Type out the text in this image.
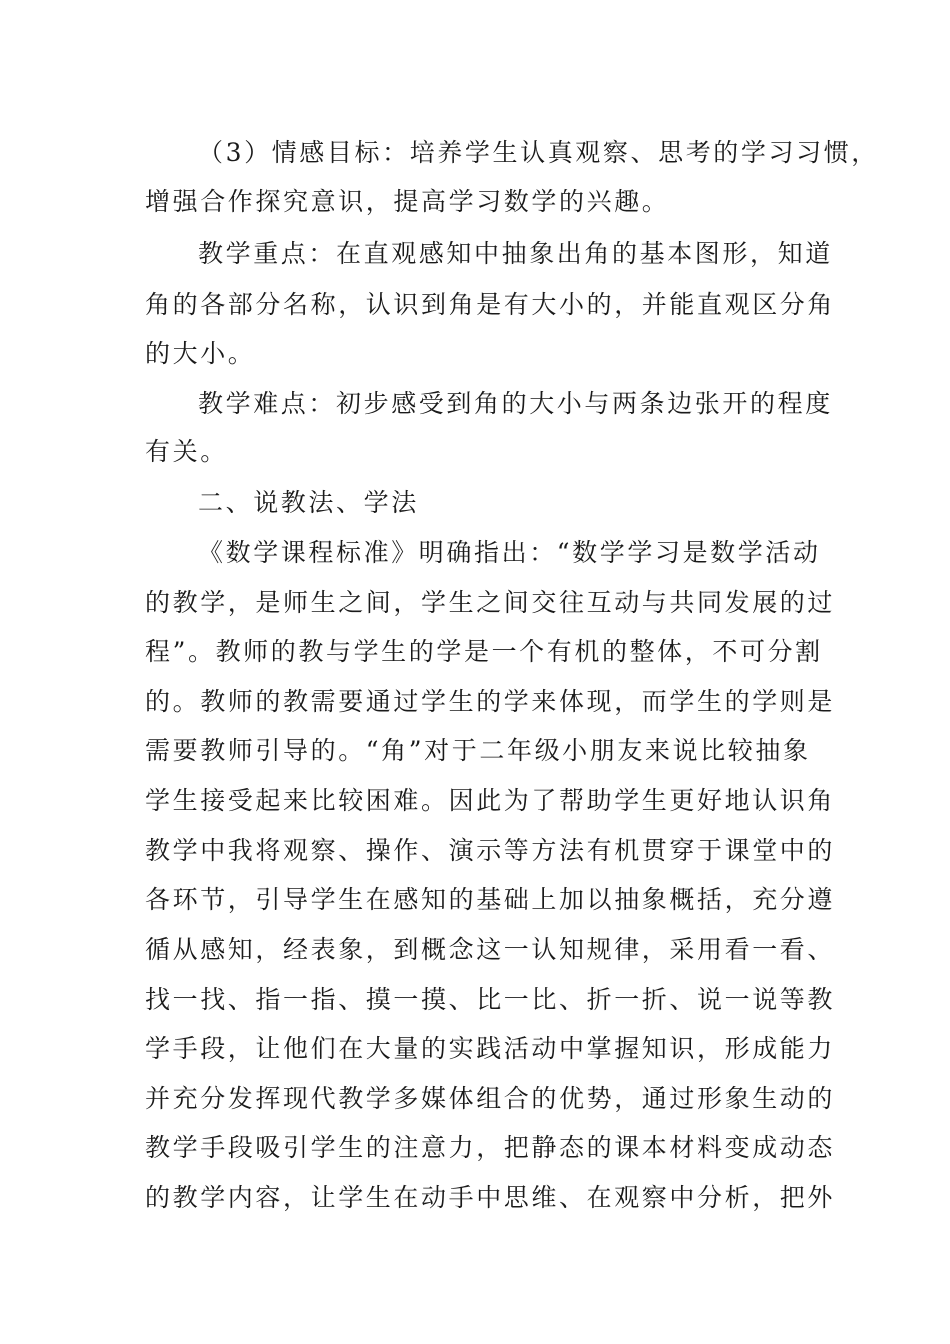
（3）情感目标：培养学生认真观察、思考的学习习惯，
增强合作探究意识，提高学习数学的兴趣。
教学重点：在直观感知中抽象出角的基本图形，知道
角的各部分名称，认识到角是有大小的，并能直观区分角
的大小。
教学难点：初步感受到角的大小与两条边张开的程度
有关。
二、说教法、学法
《数学课程标准》明确指出：“数学学习是数学活动
的教学，是师生之间，学生之间交往互动与共同发展的过
程”。教师的教与学生的学是一个有机的整体，不可分割
的。教师的教需要通过学生的学来体现，而学生的学则是
需要教师引导的。“角”对于二年级小朋友来说比较抽象
学生接受起来比较困难。因此为了帮助学生更好地认识角
教学中我将观察、操作、演示等方法有机贯穿于课堂中的
各环节，引导学生在感知的基础上加以抽象概括，充分遵
循从感知，经表象，到概念这一认知规律，采用看一看、
找一找、指一指、摸一摸、比一比、折一折、说一说等教
学手段，让他们在大量的实践活动中掌握知识，形成能力
并充分发挥现代教学多媒体组合的优势，通过形象生动的
教学手段吸引学生的注意力，把静态的课本材料变成动态
的教学内容，让学生在动手中思维、在观察中分析，把外
